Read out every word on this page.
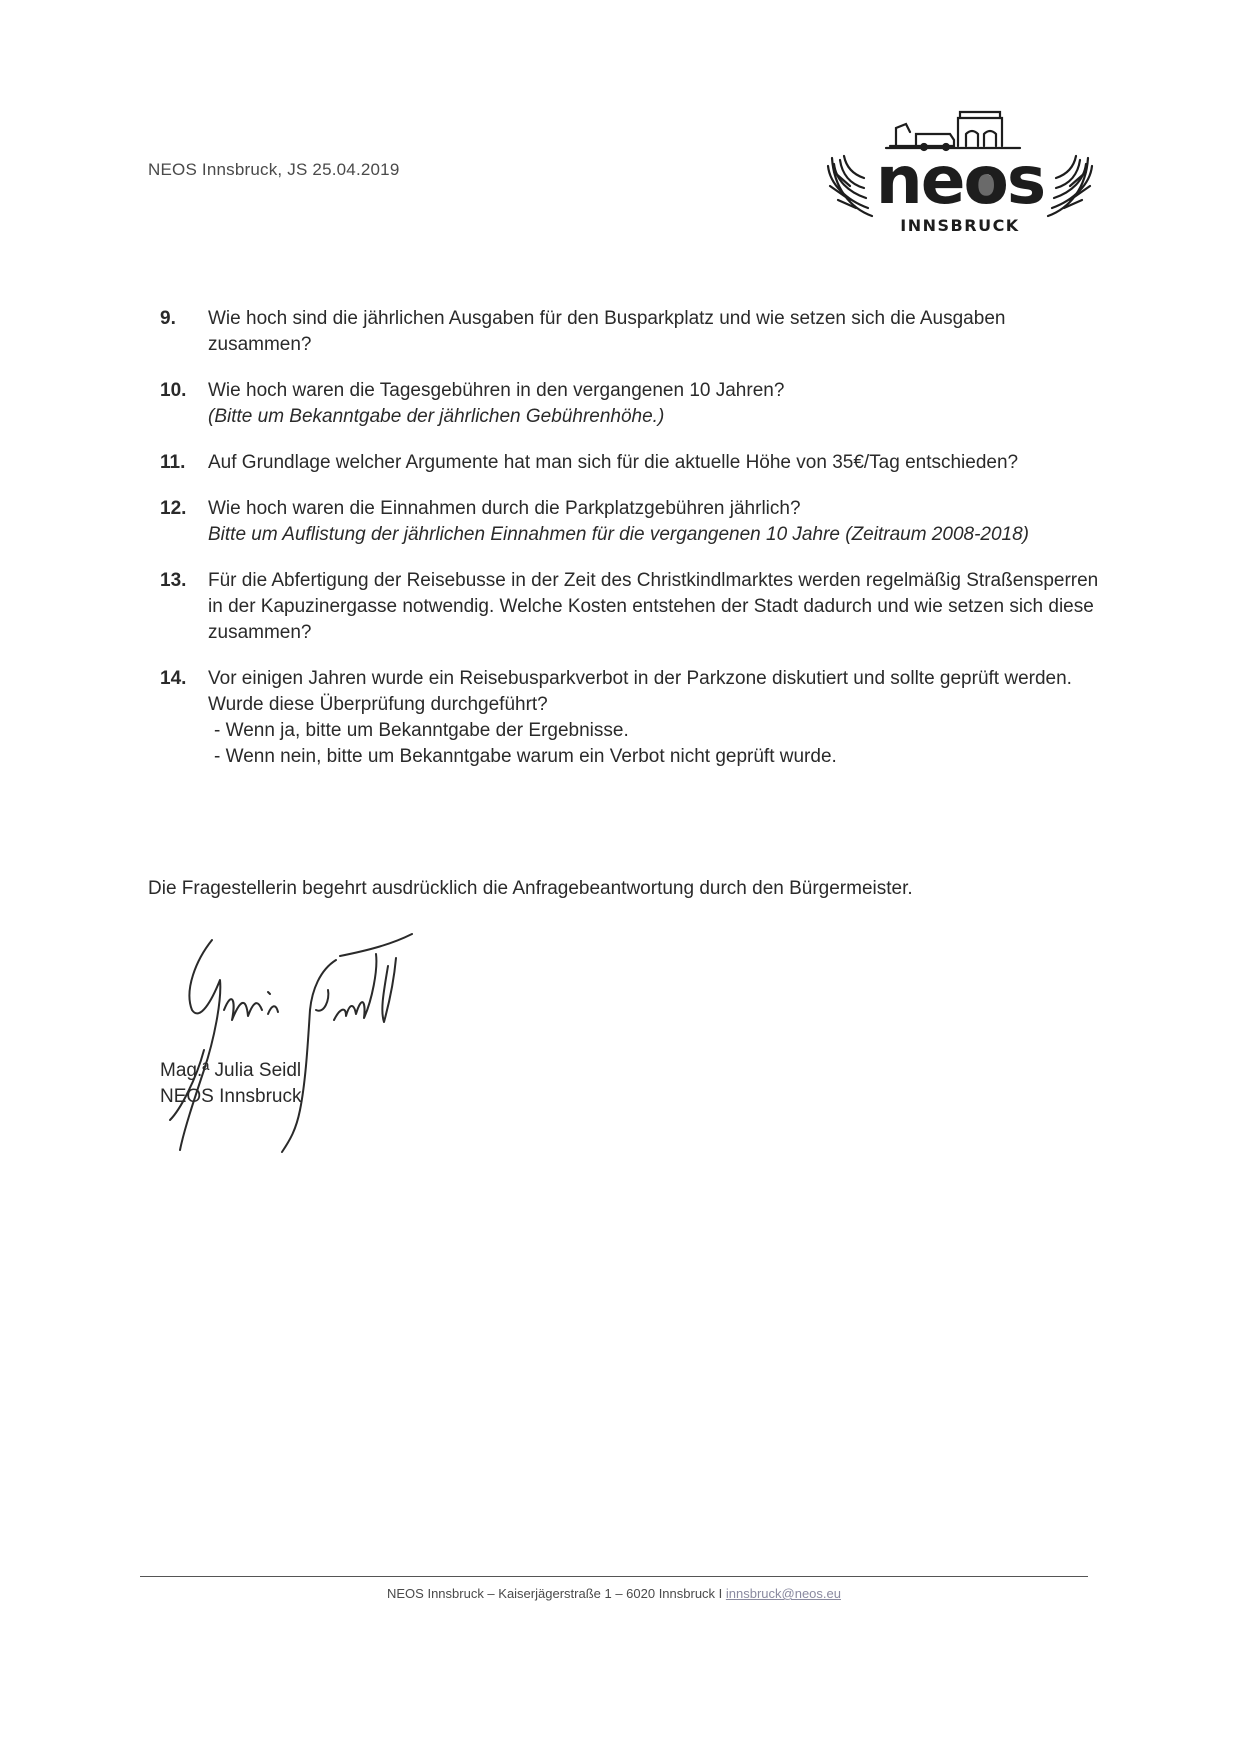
NEOS Innsbruck, JS 25.04.2019	neos
INNSBRUCK
9. Wie hoch sind die jährlichen Ausgaben für den Busparkplatz und wie setzen sich die Ausgaben zusammen?
10. Wie hoch waren die Tagesgebühren in den vergangenen 10 Jahren?
(Bitte um Bekanntgabe der jährlichen Gebührenhöhe.)
11. Auf Grundlage welcher Argumente hat man sich für die aktuelle Höhe von 35€/Tag entschieden?
12. Wie hoch waren die Einnahmen durch die Parkplatzgebühren jährlich?
Bitte um Auflistung der jährlichen Einnahmen für die vergangenen 10 Jahre (Zeitraum 2008-2018)
13. Für die Abfertigung der Reisebusse in der Zeit des Christkindlmarktes werden regelmäßig Straßensperren in der Kapuzinergasse notwendig. Welche Kosten entstehen der Stadt dadurch und wie setzen sich diese zusammen?
14. Vor einigen Jahren wurde ein Reisebusparkverbot in der Parkzone diskutiert und sollte geprüft werden. Wurde diese Überprüfung durchgeführt?
- Wenn ja, bitte um Bekanntgabe der Ergebnisse.
- Wenn nein, bitte um Bekanntgabe warum ein Verbot nicht geprüft wurde.
Die Fragestellerin begehrt ausdrücklich die Anfragebeantwortung durch den Bürgermeister.
Mag.ª Julia Seidl
NEOS Innsbruck
NEOS Innsbruck – Kaiserjägerstraße 1 – 6020 Innsbruck I innsbruck@neos.eu
